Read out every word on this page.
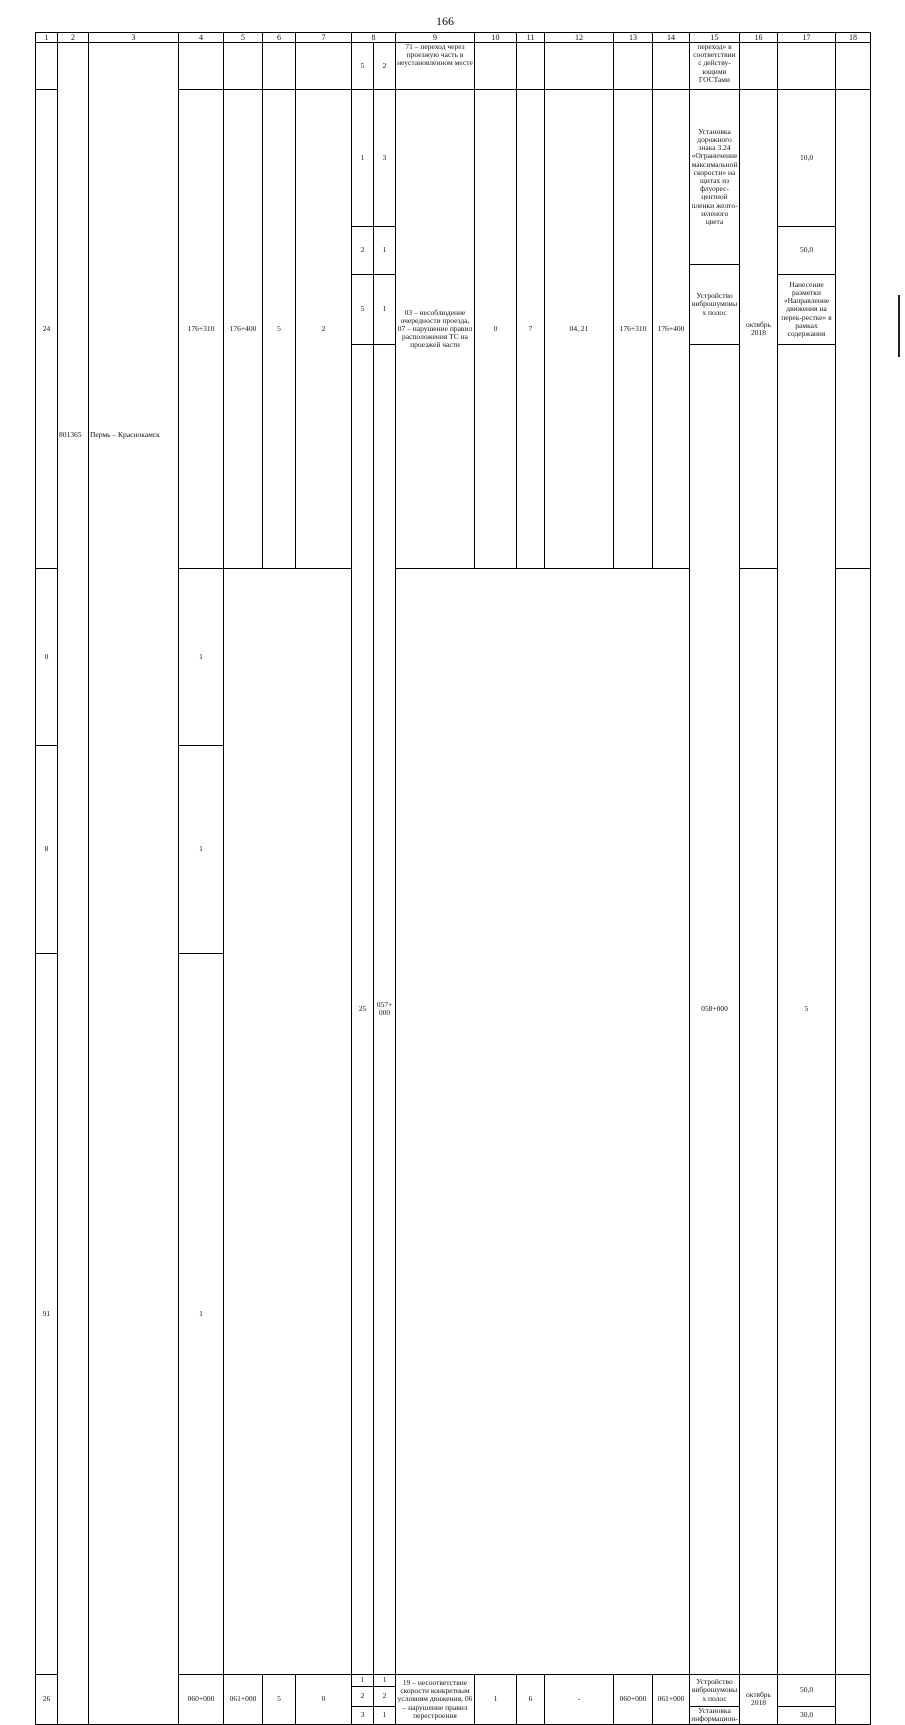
166
1	2	3	4	5	6	7	8		9	10	11	12	13	14	15	16	17	18	
	801365	Пермь – Краснокамск					5	2	71 – переход через проезжую часть в неустановленном месте						переход» в соответствии с действу-ющими ГОСТами				
24			176+310	176+400	5	2	1	3	03 – несоблюдение очередности проезда, 07 – нарушение правил расположения ТС на проезжей части	0	7	04, 21	176+310	176+400	Установка дорожного знака 3.24 «Ограничение максимальной скорости» на щитах из флуорес-центной пленки желто-зеленого цвета	октябрь 2018	10,0		

							2	1									50,0		
															Устройство виброшумовых полос				
							5	1									Нанесение разметки «Направление движения на перек-рестке» в рамках содержания	
							25	057+000							058+000		5													
0			1																
8			1																
91			1																
26			060+000	061+000	5	0	1	1	19 – несоответствие скорости конкретным условиям движения, 06 – нарушение правил перестроения	1	6	-	060+000	061+000	Устройство виброшумовых полос	октябрь 2018	50,0		
							2	2											
							3	1							Установка информацион-		30,0		
